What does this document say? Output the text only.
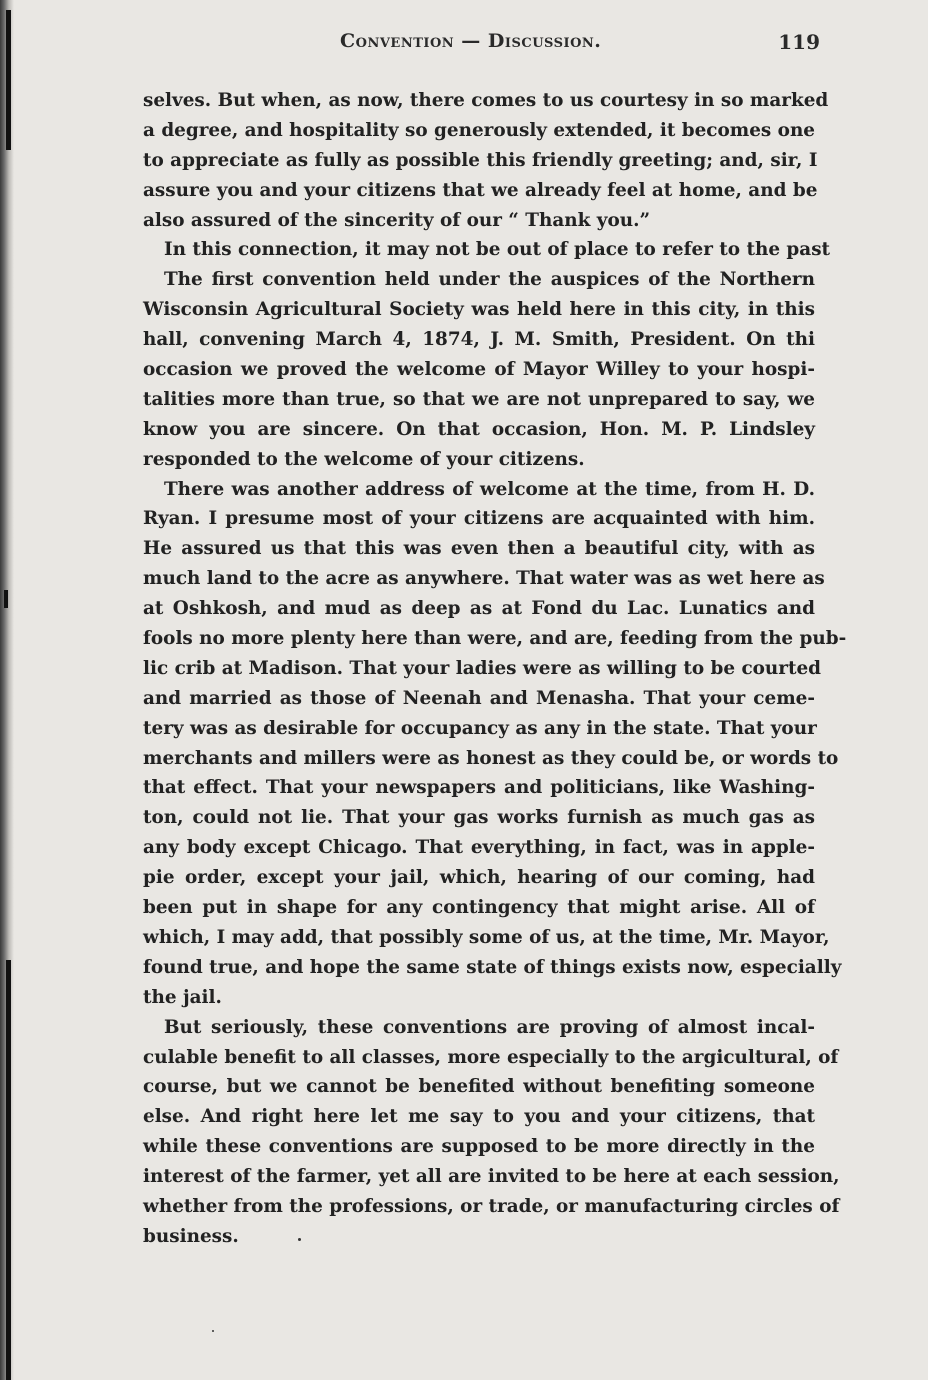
Convention — Discussion.	119
selves. But when, as now, there comes to us courtesy in so marked
a degree, and hospitality so generously extended, it becomes one
to appreciate as fully as possible this friendly greeting; and, sir, I
assure you and your citizens that we already feel at home, and be
also assured of the sincerity of our “ Thank you.”
In this connection, it may not be out of place to refer to the past
The first convention held under the auspices of the Northern
Wisconsin Agricultural Society was held here in this city, in this
hall, convening March 4, 1874, J. M. Smith, President. On thi
occasion we proved the welcome of Mayor Willey to your hospi-
talities more than true, so that we are not unprepared to say, we
know you are sincere. On that occasion, Hon. M. P. Lindsley
responded to the welcome of your citizens.
There was another address of welcome at the time, from H. D.
Ryan. I presume most of your citizens are acquainted with him.
He assured us that this was even then a beautiful city, with as
much land to the acre as anywhere. That water was as wet here as
at Oshkosh, and mud as deep as at Fond du Lac. Lunatics and
fools no more plenty here than were, and are, feeding from the pub-
lic crib at Madison. That your ladies were as willing to be courted
and married as those of Neenah and Menasha. That your ceme-
tery was as desirable for occupancy as any in the state. That your
merchants and millers were as honest as they could be, or words to
that effect. That your newspapers and politicians, like Washing-
ton, could not lie. That your gas works furnish as much gas as
any body except Chicago. That everything, in fact, was in apple-
pie order, except your jail, which, hearing of our coming, had
been put in shape for any contingency that might arise. All of
which, I may add, that possibly some of us, at the time, Mr. Mayor,
found true, and hope the same state of things exists now, especially
the jail.
But seriously, these conventions are proving of almost incal-
culable benefit to all classes, more especially to the argicultural, of
course, but we cannot be benefited without benefiting someone
else. And right here let me say to you and your citizens, that
while these conventions are supposed to be more directly in the
interest of the farmer, yet all are invited to be here at each session,
whether from the professions, or trade, or manufacturing circles of
business.
